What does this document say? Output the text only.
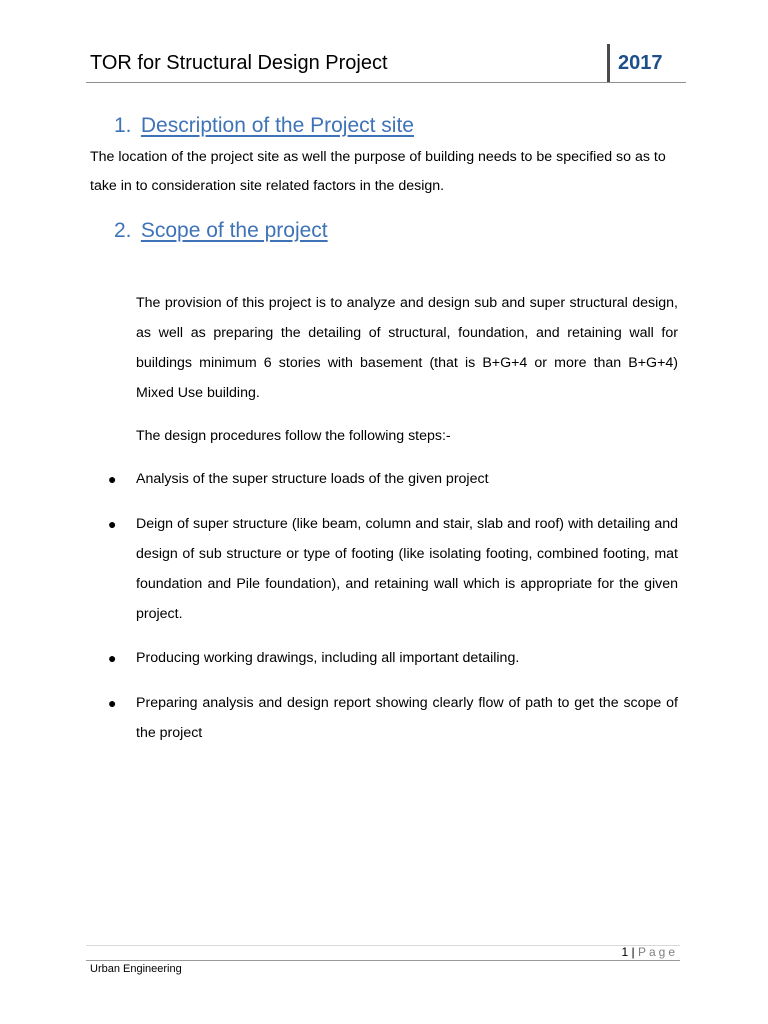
TOR for Structural Design Project	2017
1. Description of the Project site
The location of the project site as well the purpose of building needs to be specified so as to take in to consideration site related factors in the design.
2. Scope of the project
The provision of this project is to analyze and design sub and super structural design, as well as preparing the detailing of structural, foundation, and retaining wall for buildings minimum 6 stories with basement (that is B+G+4 or more than B+G+4) Mixed Use building.
The design procedures follow the following steps:-
●	Analysis of the super structure loads of the given project
●	Deign of super structure (like beam, column and stair, slab and roof) with detailing and design of sub structure or type of footing (like isolating footing, combined footing, mat foundation and Pile foundation), and retaining wall which is appropriate for the given project.
●	Producing working drawings, including all important detailing.
●	Preparing analysis and design report showing clearly flow of path to get the scope of the project
1 | Page
Urban Engineering
